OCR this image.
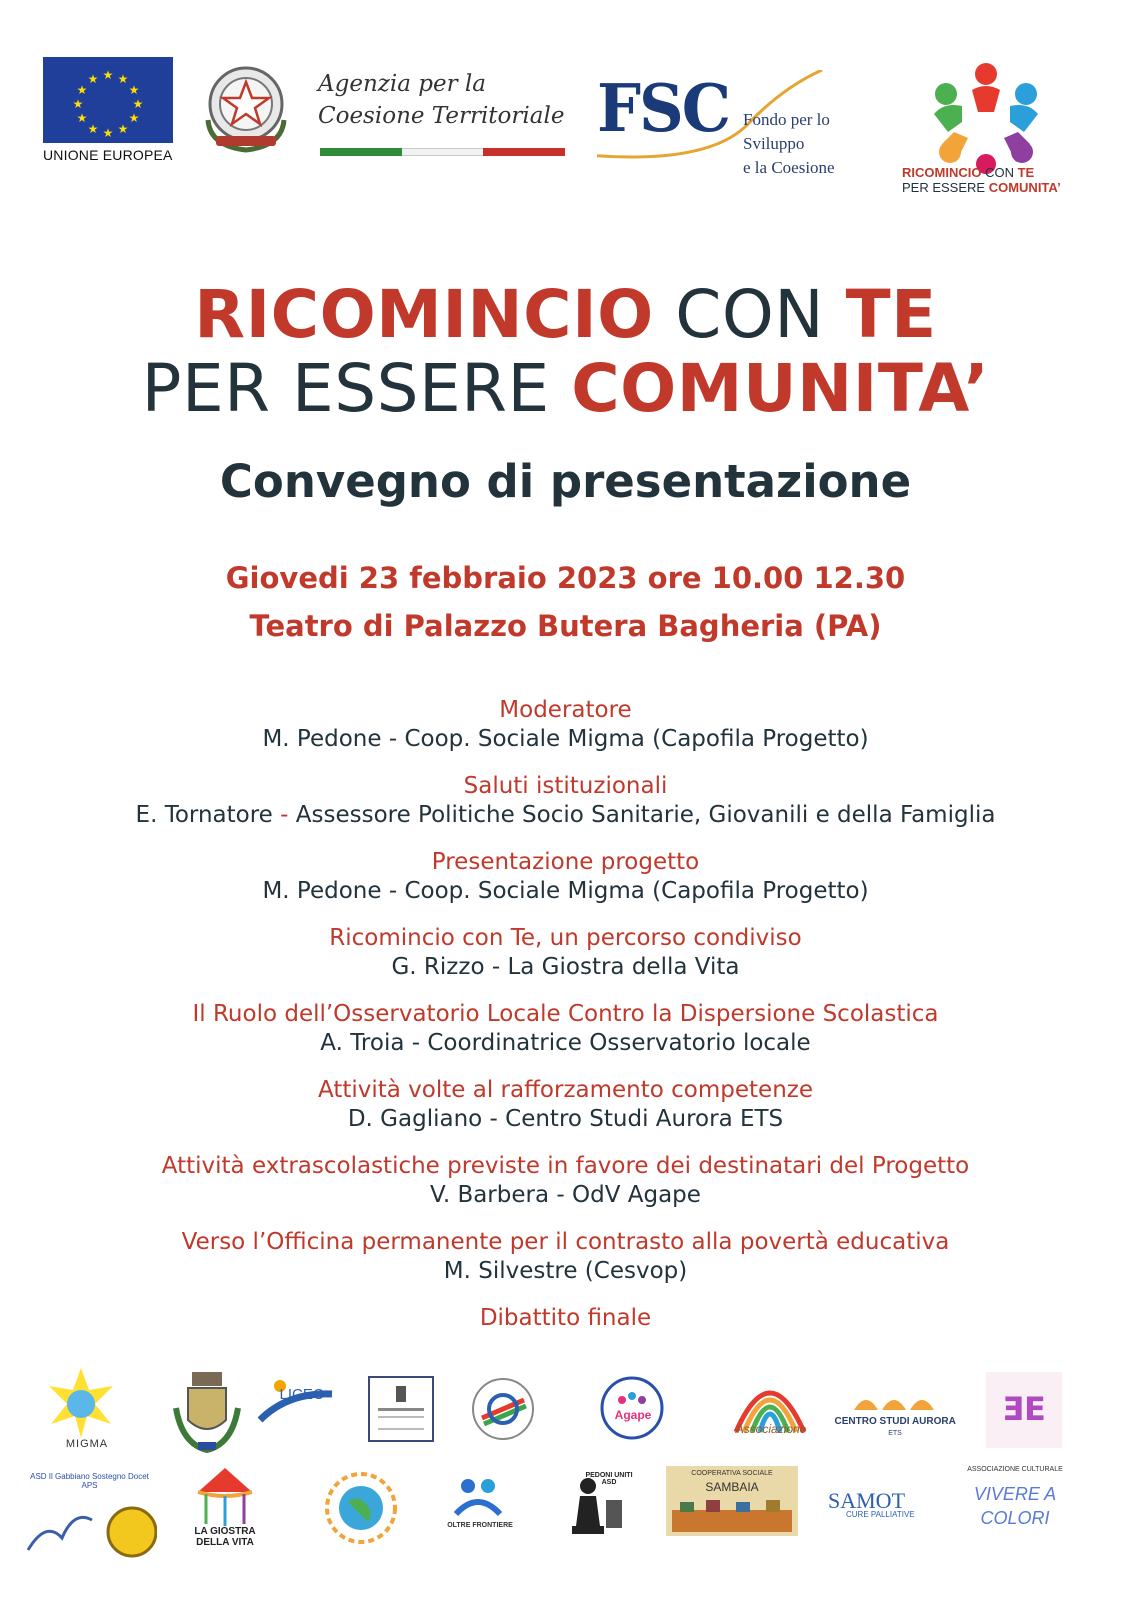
★ ★
★
★
★
★
★
★
★
★
★
★
UNIONE EUROPEA
Agenzia per la
Coesione Territoriale FSC Fondo per lo Sviluppo
e la Coesione	RICOMINCIO CON TE
PER ESSERE COMUNITA’
RICOMINCIO CON TE
PER ESSERE COMUNITA’
Convegno di presentazione
Giovedi 23 febbraio 2023 ore 10.00 12.30
Teatro di Palazzo Butera Bagheria (PA)
Moderatore
M. Pedone - Coop. Sociale Migma (Capofila Progetto)
Saluti istituzionali
E. Tornatore - Assessore Politiche Socio Sanitarie, Giovanili e della Famiglia
Presentazione progetto
M. Pedone - Coop. Sociale Migma (Capofila Progetto)
Ricomincio con Te, un percorso condiviso
G. Rizzo - La Giostra della Vita
Il Ruolo dell’Osservatorio Locale Contro la Dispersione Scolastica
A. Troia - Coordinatrice Osservatorio locale
Attività volte al rafforzamento competenze
D. Gagliano - Centro Studi Aurora ETS
Attività extrascolastiche previste in favore dei destinatari del Progetto
V. Barbera - OdV Agape
Verso l’Officina permanente per il contrasto alla povertà educativa
M. Silvestre (Cesvop)
Dibattito finale
MIGMA
LICEO
Agape
Associazione
CENTRO STUDI AURORA ETS
ƎE
ASD Il Gabbiano Sostegno Docet APS
LA GIOSTRA
DELLA VITA
OLTRE FRONTIERE
PEDONI UNITI ASD
COOPERATIVA SOCIALE
SAMBAIA
SAMOT
CURE PALLIATIVE
ASSOCIAZIONE CULTURALE
VIVERE A
COLORI
